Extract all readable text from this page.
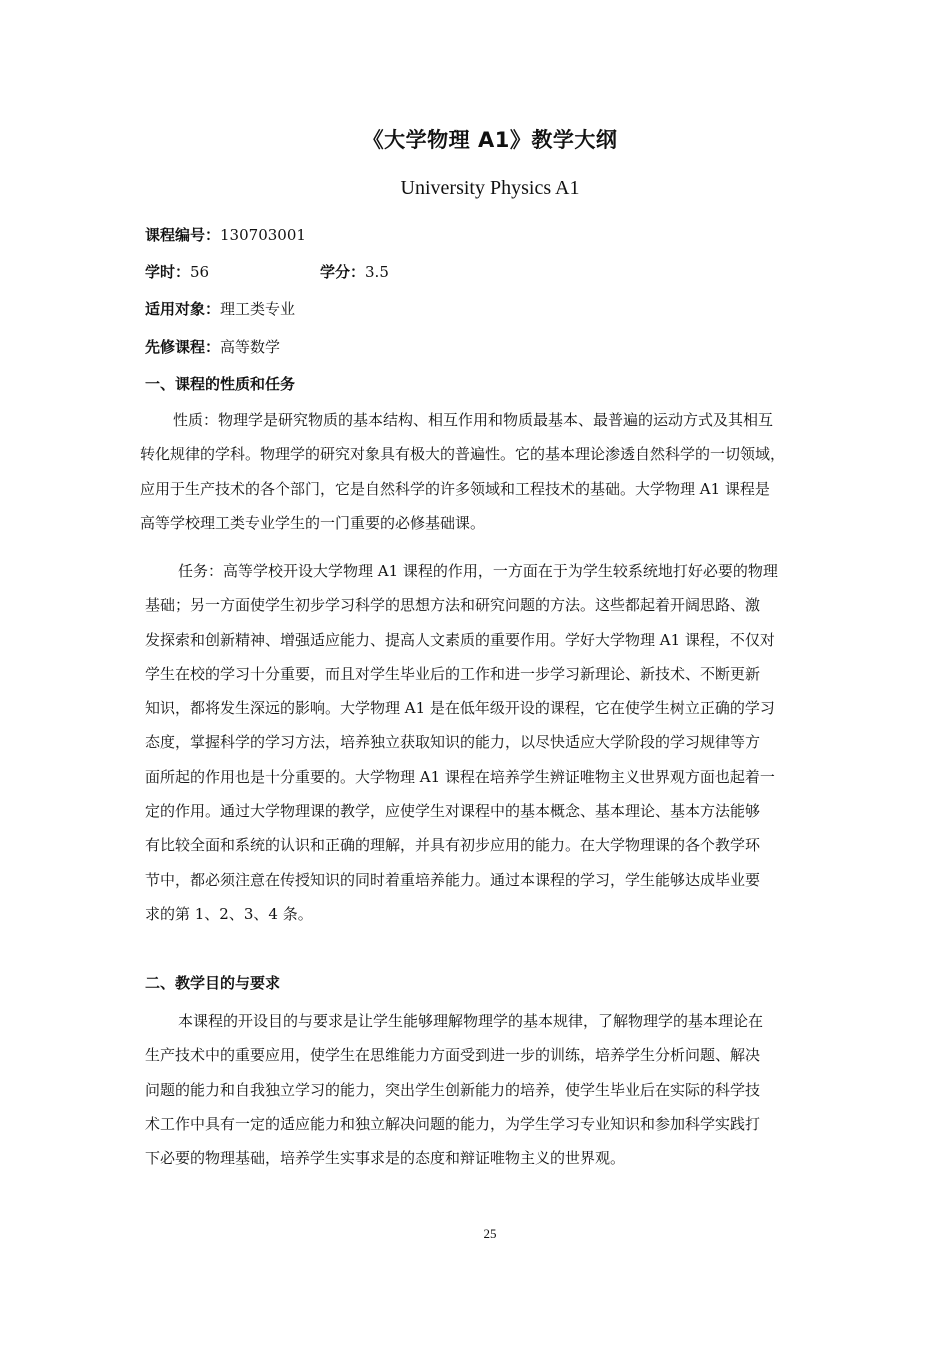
《大学物理 A1》教学大纲
University Physics A1
课程编号：130703001
学时：56	学分：3.5
适用对象：理工类专业
先修课程：高等数学
一、课程的性质和任务
性质：物理学是研究物质的基本结构、相互作用和物质最基本、最普遍的运动方式及其相互
转化规律的学科。物理学的研究对象具有极大的普遍性。它的基本理论渗透自然科学的一切领域，
应用于生产技术的各个部门，它是自然科学的许多领域和工程技术的基础。大学物理 A1 课程是
高等学校理工类专业学生的一门重要的必修基础课。
任务：高等学校开设大学物理 A1 课程的作用，一方面在于为学生较系统地打好必要的物理
基础；另一方面使学生初步学习科学的思想方法和研究问题的方法。这些都起着开阔思路、激
发探索和创新精神、增强适应能力、提高人文素质的重要作用。学好大学物理 A1 课程，不仅对
学生在校的学习十分重要，而且对学生毕业后的工作和进一步学习新理论、新技术、不断更新
知识，都将发生深远的影响。大学物理 A1 是在低年级开设的课程，它在使学生树立正确的学习
态度，掌握科学的学习方法，培养独立获取知识的能力，以尽快适应大学阶段的学习规律等方
面所起的作用也是十分重要的。大学物理 A1 课程在培养学生辨证唯物主义世界观方面也起着一
定的作用。通过大学物理课的教学，应使学生对课程中的基本概念、基本理论、基本方法能够
有比较全面和系统的认识和正确的理解，并具有初步应用的能力。在大学物理课的各个教学环
节中，都必须注意在传授知识的同时着重培养能力。通过本课程的学习，学生能够达成毕业要
求的第 1、2、3、4 条。
二、教学目的与要求
本课程的开设目的与要求是让学生能够理解物理学的基本规律，了解物理学的基本理论在
生产技术中的重要应用，使学生在思维能力方面受到进一步的训练，培养学生分析问题、解决
问题的能力和自我独立学习的能力，突出学生创新能力的培养，使学生毕业后在实际的科学技
术工作中具有一定的适应能力和独立解决问题的能力，为学生学习专业知识和参加科学实践打
下必要的物理基础，培养学生实事求是的态度和辩证唯物主义的世界观。
25
